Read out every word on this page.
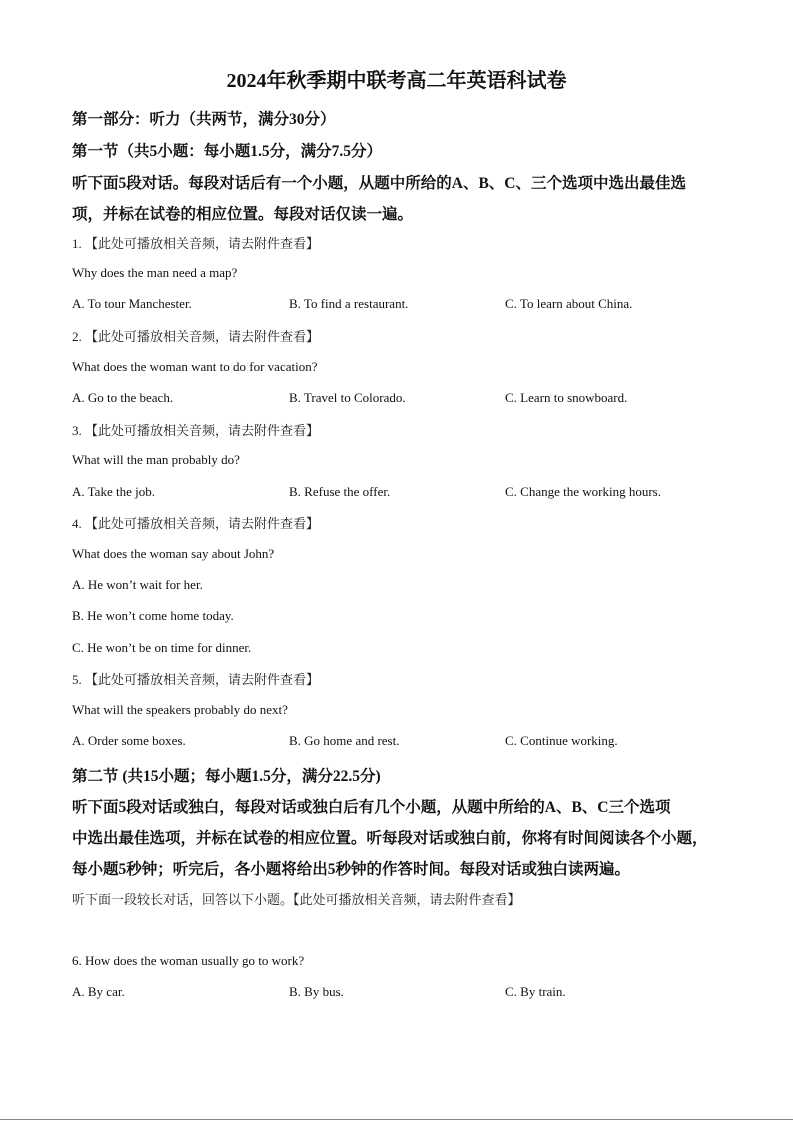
2024年秋季期中联考高二年英语科试卷
第一部分：听力（共两节，满分30分）
第一节（共5小题：每小题1.5分，满分7.5分）
听下面5段对话。每段对话后有一个小题，从题中所给的A、B、C、三个选项中选出最佳选
项，并标在试卷的相应位置。每段对话仅读一遍。
1. 【此处可播放相关音频，请去附件查看】
Why does the man need a map?
A. To tour Manchester.	B. To find a restaurant.	C. To learn about China.
2. 【此处可播放相关音频，请去附件查看】
What does the woman want to do for vacation?
A. Go to the beach.	B. Travel to Colorado.	C. Learn to snowboard.
3. 【此处可播放相关音频，请去附件查看】
What will the man probably do?
A. Take the job.	B. Refuse the offer.	C. Change the working hours.
4. 【此处可播放相关音频，请去附件查看】
What does the woman say about John?
A. He won’t wait for her.
B. He won’t come home today.
C. He won’t be on time for dinner.
5. 【此处可播放相关音频，请去附件查看】
What will the speakers probably do next?
A. Order some boxes.	B. Go home and rest.	C. Continue working.
第二节 (共15小题；每小题1.5分，满分22.5分)
听下面5段对话或独白，每段对话或独白后有几个小题，从题中所给的A、B、C三个选项
中选出最佳选项，并标在试卷的相应位置。听每段对话或独白前，你将有时间阅读各个小题，
每小题5秒钟；听完后，各小题将给出5秒钟的作答时间。每段对话或独白读两遍。
听下面一段较长对话，回答以下小题。【此处可播放相关音频，请去附件查看】
6. How does the woman usually go to work?
A. By car.	B. By bus.	C. By train.
